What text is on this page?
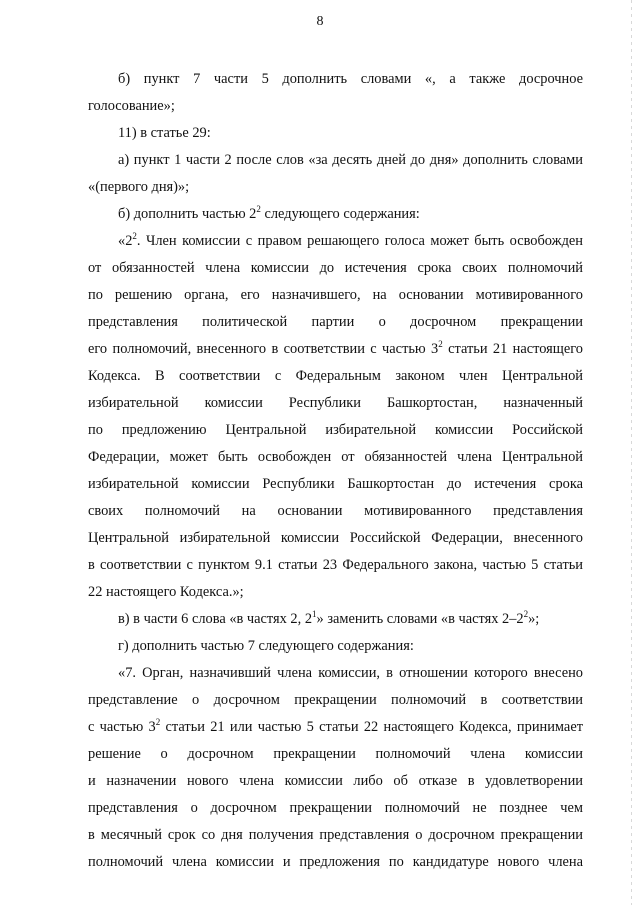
8
б) пункт 7 части 5 дополнить словами «, а также досрочное
голосование»;
11) в статье 29:
а) пункт 1 части 2 после слов «за десять дней до дня» дополнить словами
«(первого дня)»;
б) дополнить частью $2^2$ следующего содержания:
«$2^2$. Член комиссии с правом решающего голоса может быть освобожден
от обязанностей члена комиссии до истечения срока своих полномочий
по решению органа, его назначившего, на основании мотивированного
представления политической партии о досрочном прекращении
его полномочий, внесенного в соответствии с частью $3^2$ статьи 21 настоящего
Кодекса. В соответствии с Федеральным законом член Центральной
избирательной комиссии Республики Башкортостан, назначенный
по предложению Центральной избирательной комиссии Российской
Федерации, может быть освобожден от обязанностей члена Центральной
избирательной комиссии Республики Башкортостан до истечения срока
своих полномочий на основании мотивированного представления
Центральной избирательной комиссии Российской Федерации, внесенного
в соответствии с пунктом 9.1 статьи 23 Федерального закона, частью 5 статьи
22 настоящего Кодекса.»;
в) в части 6 слова «в частях 2, $2^1$» заменить словами «в частях $2-2^2$»;
г) дополнить частью 7 следующего содержания:
«7. Орган, назначивший члена комиссии, в отношении которого внесено
представление о досрочном прекращении полномочий в соответствии
с частью $3^2$ статьи 21 или частью 5 статьи 22 настоящего Кодекса, принимает
решение о досрочном прекращении полномочий члена комиссии
и назначении нового члена комиссии либо об отказе в удовлетворении
представления о досрочном прекращении полномочий не позднее чем
в месячный срок со дня получения представления о досрочном прекращении
полномочий члена комиссии и предложения по кандидатуре нового члена
